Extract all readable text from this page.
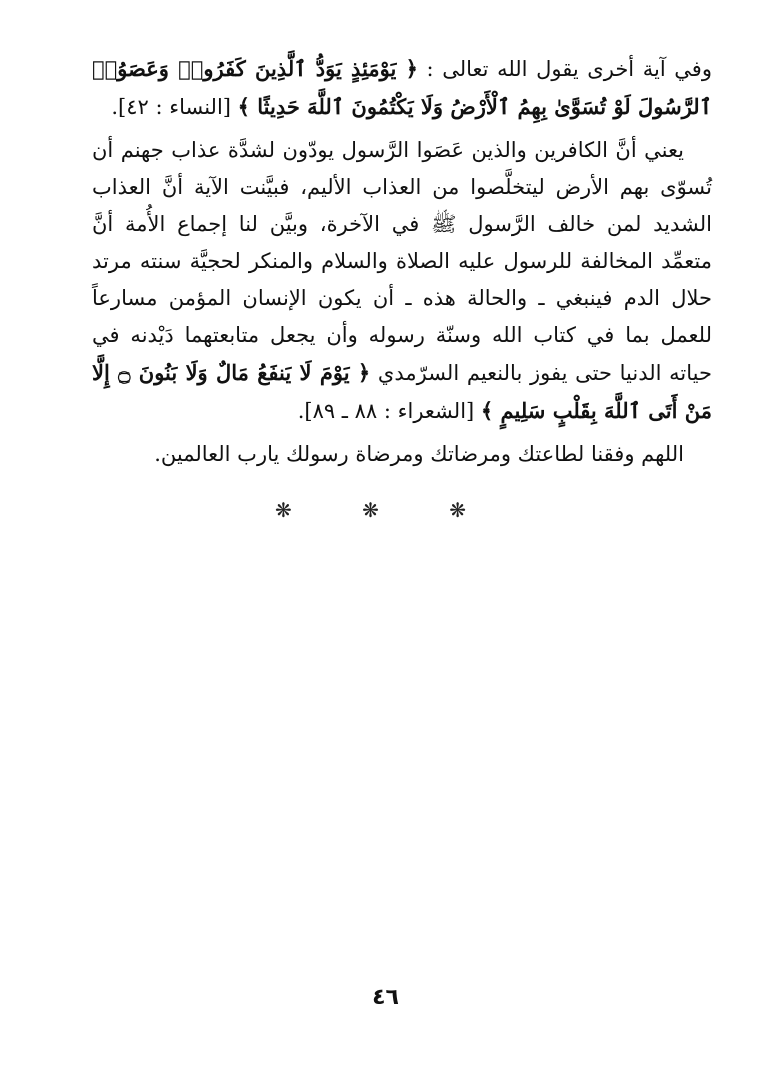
وفي آية أخرى يقول الله تعالى : ﴿ يَوْمَئِذٍ يَوَدُّ ٱلَّذِينَ كَفَرُوا۟ وَعَصَوُا۟ ٱلرَّسُولَ لَوْ تُسَوَّىٰ بِهِمُ ٱلْأَرْضُ وَلَا يَكْتُمُونَ ٱللَّهَ حَدِيثًا ﴾ [النساء : ٤٢].

يعني أنَّ الكافرين والذين عَصَوا الرَّسول يودّون لشدَّة عذاب جهنم أن تُسوّى بهم الأرض ليتخلَّصوا من العذاب الأليم، فبيَّنت الآية أنَّ العذاب الشديد لمن خالف الرَّسول ﷺ في الآخرة، وبيَّن لنا إجماع الأُمة أنَّ متعمِّد المخالفة للرسول عليه الصلاة والسلام والمنكر لحجيَّة سنته مرتد حلال الدم فينبغي ـ والحالة هذه ـ أن يكون الإنسان المؤمن مسارعاً للعمل بما في كتاب الله وسنّة رسوله وأن يجعل متابعتهما دَيْدنه في حياته الدنيا حتى يفوز بالنعيم السرّمدي ﴿ يَوْمَ لَا يَنفَعُ مَالٌ وَلَا بَنُونَ ۝ إِلَّا مَنْ أَتَى ٱللَّهَ بِقَلْبٍ سَلِيمٍ ﴾ [الشعراء : ٨٨ ـ ٨٩].

اللهم وفقنا لطاعتك ومرضاتك ومرضاة رسولك يارب العالمين.

❋ ❋ ❋
٤٦
